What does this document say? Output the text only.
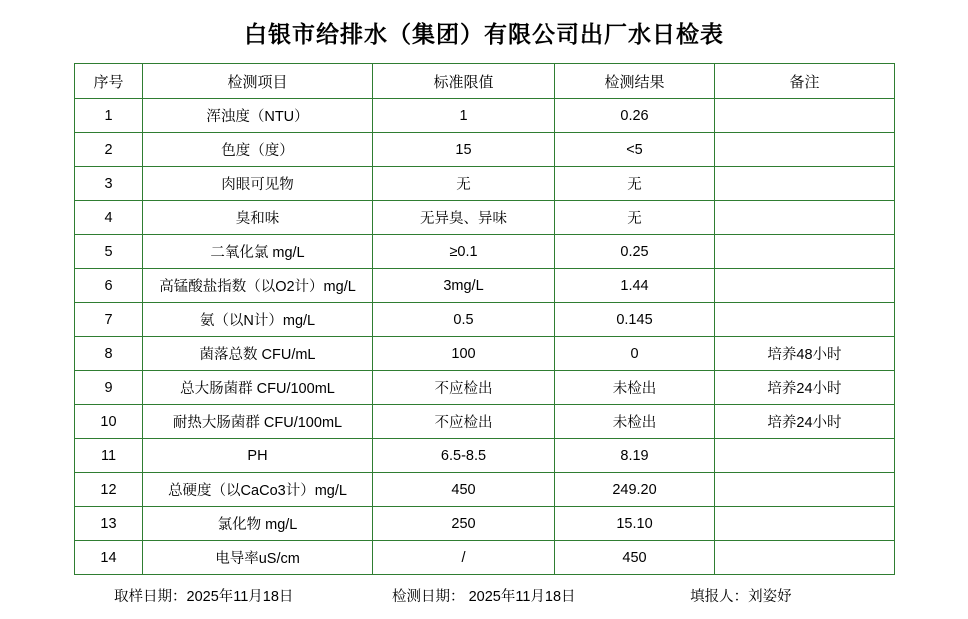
白银市给排水（集团）有限公司出厂水日检表
序号	检测项目	标准限值	检测结果	备注
1	浑浊度（NTU）	1	0.26	
2	色度（度）	15	<5	
3	肉眼可见物	无	无	
4	臭和味	无异臭、异味	无	
5	二氧化氯 mg/L	≥0.1	0.25	
6	高锰酸盐指数（以O2计）mg/L	3mg/L	1.44	
7	氨（以N计）mg/L	0.5	0.145	
8	菌落总数 CFU/mL	100	0	培养48小时
9	总大肠菌群 CFU/100mL	不应检出	未检出	培养24小时
10	耐热大肠菌群 CFU/100mL	不应检出	未检出	培养24小时
11	PH	6.5-8.5	8.19	
12	总硬度（以CaCo3计）mg/L	450	249.20	
13	氯化物 mg/L	250	15.10	
14	电导率uS/cm	/	450	
取样日期：2025年11月18日	检测日期： 2025年11月18日	填报人：刘姿妤
